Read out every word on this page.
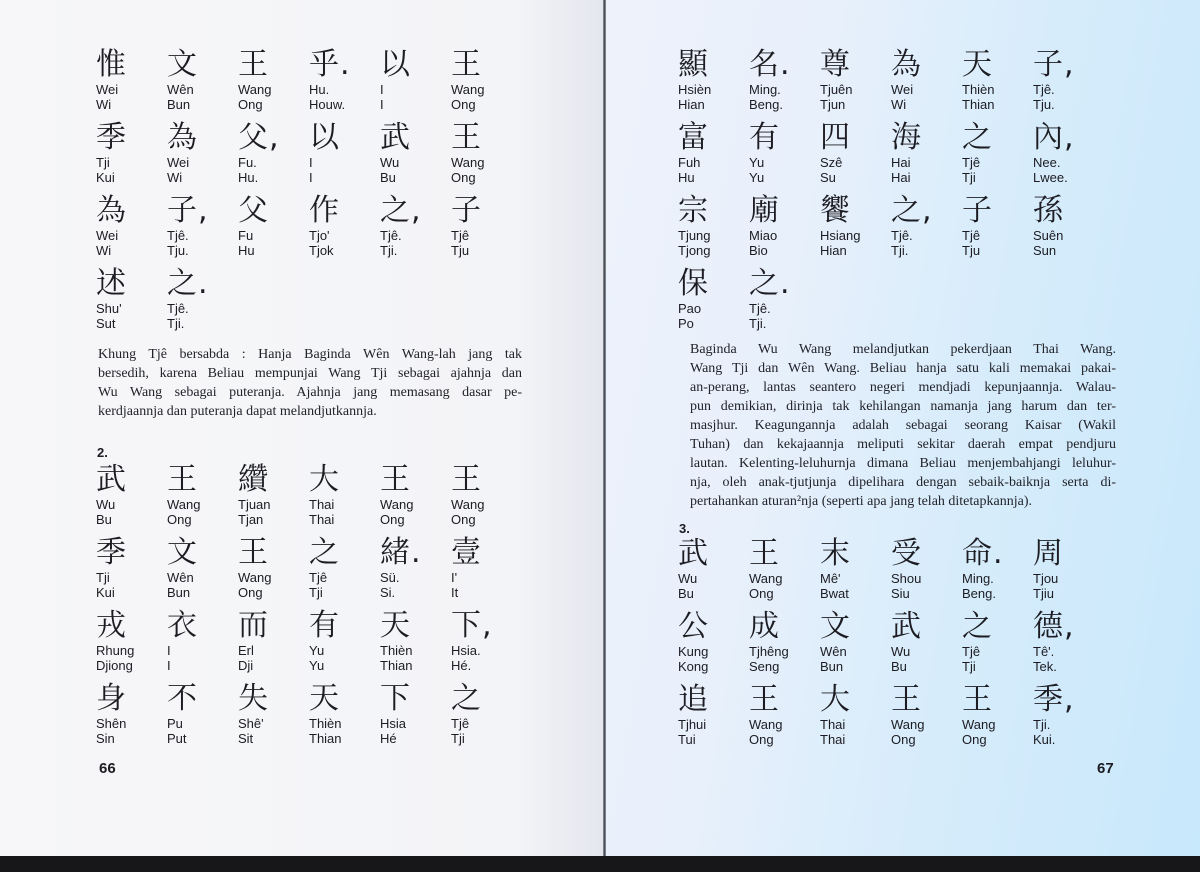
惟
Wei
Wi
文
Wên
Bun
王
Wang
Ong
乎.
Hu.
Houw.
以
I
I
王
Wang
Ong
季
Tji
Kui
為
Wei
Wi
父,
Fu.
Hu.
以
I
I
武
Wu
Bu
王
Wang
Ong
為
Wei
Wi
子,
Tjê.
Tju.
父
Fu
Hu
作
Tjo'
Tjok
之,
Tjê.
Tji.
子
Tjê
Tju
述
Shu'
Sut
之.
Tjê.
Tji.
Khung Tjê bersabda : Hanja Baginda Wên Wang-lah jang tak
bersedih, karena Beliau mempunjai Wang Tji sebagai ajahnja dan
Wu Wang sebagai puteranja. Ajahnja jang memasang dasar pe-
kerdjaannja dan puteranja dapat melandjutkannja.
2.
武
Wu
Bu
王
Wang
Ong
纘
Tjuan
Tjan
大
Thai
Thai
王
Wang
Ong
王
Wang
Ong
季
Tji
Kui
文
Wên
Bun
王
Wang
Ong
之
Tjê
Tji
緒.
Sü.
Si.
壹
I'
It
戎
Rhung
Djiong
衣
I
I
而
Erl
Dji
有
Yu
Yu
天
Thièn
Thian
下,
Hsia.
Hé.
身
Shên
Sin
不
Pu
Put
失
Shê'
Sit
天
Thièn
Thian
下
Hsia
Hé
之
Tjê
Tji
66
顯
Hsièn
Hian
名.
Ming.
Beng.
尊
Tjuên
Tjun
為
Wei
Wi
天
Thièn
Thian
子,
Tjê.
Tju.
富
Fuh
Hu
有
Yu
Yu
四
Szê
Su
海
Hai
Hai
之
Tjê
Tji
內,
Nee.
Lwee.
宗
Tjung
Tjong
廟
Miao
Bio
饗
Hsiang
Hian
之,
Tjê.
Tji.
子
Tjê
Tju
孫
Suên
Sun
保
Pao
Po
之.
Tjê.
Tji.
Baginda Wu Wang melandjutkan pekerdjaan Thai Wang.
Wang Tji dan Wên Wang. Beliau hanja satu kali memakai pakai-
an-perang, lantas seantero negeri mendjadi kepunjaannja. Walau-
pun demikian, dirinja tak kehilangan namanja jang harum dan ter-
masjhur. Keagungannja adalah sebagai seorang Kaisar (Wakil
Tuhan) dan kekajaannja meliputi sekitar daerah empat pendjuru
lautan. Kelenting-leluhurnja dimana Beliau menjembahjangi leluhur-
nja, oleh anak-tjutjunja dipelihara dengan sebaik-baiknja serta di-
pertahankan aturan²nja (seperti apa jang telah ditetapkannja).
3.
武
Wu
Bu
王
Wang
Ong
末
Mê'
Bwat
受
Shou
Siu
命.
Ming.
Beng.
周
Tjou
Tjiu
公
Kung
Kong
成
Tjhêng
Seng
文
Wên
Bun
武
Wu
Bu
之
Tjê
Tji
德,
Tê'.
Tek.
追
Tjhui
Tui
王
Wang
Ong
大
Thai
Thai
王
Wang
Ong
王
Wang
Ong
季,
Tji.
Kui.
67
